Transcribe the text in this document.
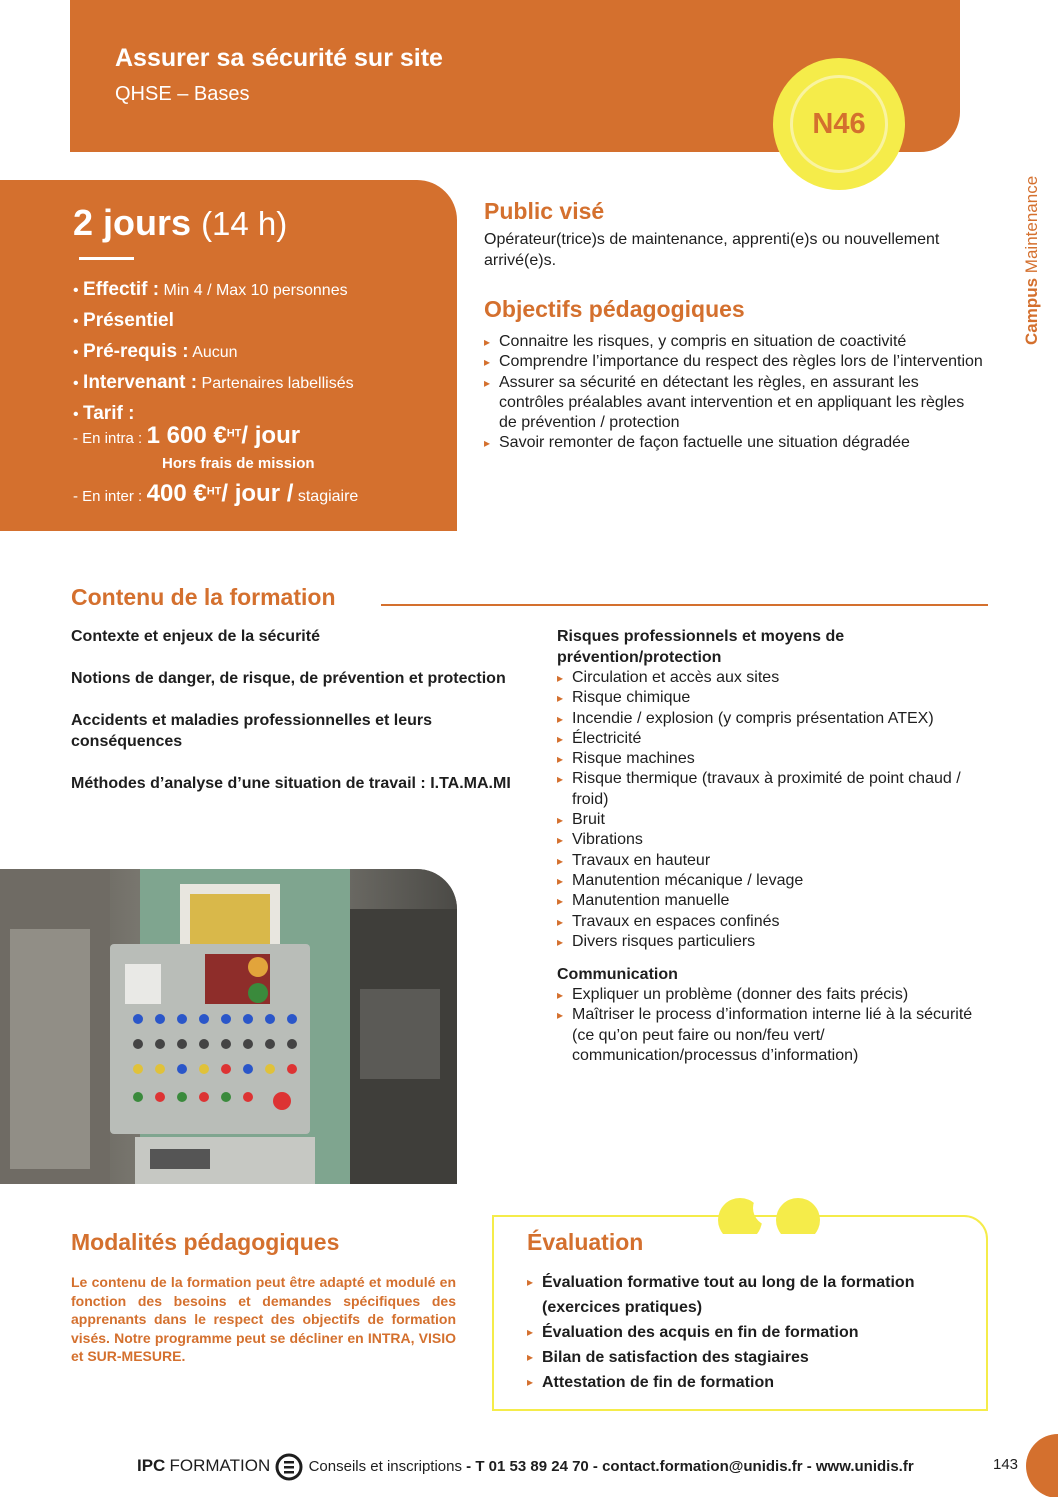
Assurer sa sécurité sur site
QHSE – Bases
N46
Campus Maintenance
2 jours (14 h)
• Effectif : Min 4 / Max 10 personnes
• Présentiel
• Pré-requis : Aucun
• Intervenant : Partenaires labellisés
• Tarif :
- En intra : 1 600 €$^{HT}$/ jour
Hors frais de mission
- En inter : 400 €$^{HT}$/ jour / stagiaire
Public visé
Opérateur(trice)s de maintenance, apprenti(e)s ou nouvellement arrivé(e)s.
Objectifs pédagogiques
▸ Connaitre les risques, y compris en situation de coactivité
▸ Comprendre l’importance du respect des règles lors de l’intervention
▸ Assurer sa sécurité en détectant les règles, en assurant les contrôles préalables avant intervention et en appliquant les règles de prévention / protection
▸ Savoir remonter de façon factuelle une situation dégradée
Contenu de la formation

Contexte et enjeux de la sécurité

Notions de danger, de risque, de prévention et protection

Accidents et maladies professionnelles et leurs conséquences

Méthodes d’analyse d’une situation de travail : I.TA.MA.MI

Risques professionnels et moyens de prévention/protection
▸ Circulation et accès aux sites
▸ Risque chimique
▸ Incendie / explosion (y compris présentation ATEX)
▸ Électricité
▸ Risque machines
▸ Risque thermique (travaux à proximité de point chaud / froid)
▸ Bruit
▸ Vibrations
▸ Travaux en hauteur
▸ Manutention mécanique / levage
▸ Manutention manuelle
▸ Travaux en espaces confinés
▸ Divers risques particuliers
Communication
▸ Expliquer un problème (donner des faits précis)
▸ Maîtriser le process d’information interne lié à la sécurité (ce qu’on peut faire ou non/feu vert/ communication/processus d’information)
Modalités pédagogiques
Le contenu de la formation peut être adapté et modulé en fonction des besoins et demandes spécifiques des apprenants dans le respect des objectifs de formation visés. Notre programme peut se décliner en INTRA, VISIO et SUR-MESURE.
Évaluation
▸ Évaluation formative tout au long de la formation (exercices pratiques)
▸ Évaluation des acquis en fin de formation
▸ Bilan de satisfaction des stagiaires
▸ Attestation de fin de formation
IPC FORMATION	Conseils et inscriptions - T 01 53 89 24 70 - contact.formation@unidis.fr - www.unidis.fr	143
